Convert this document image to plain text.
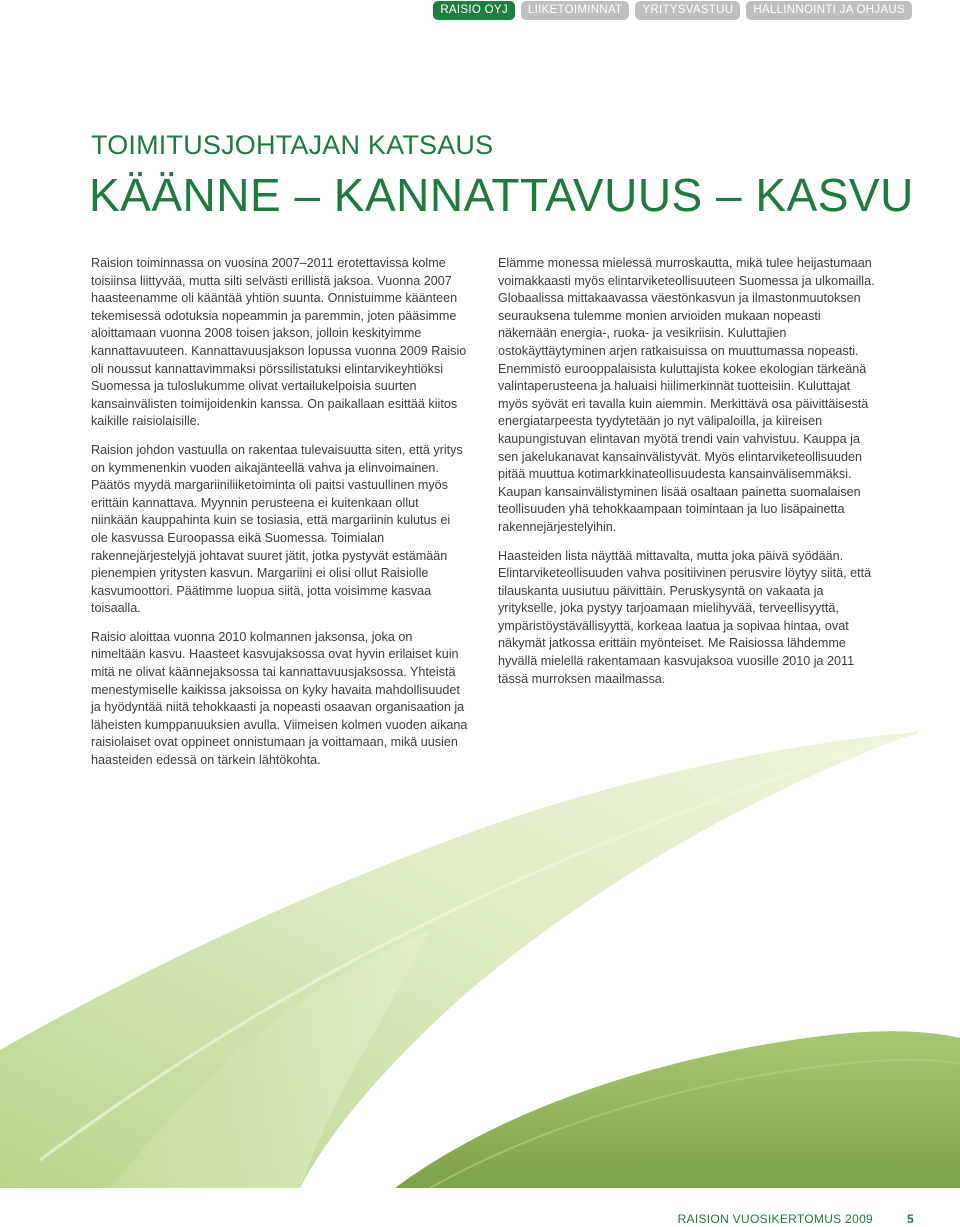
RAISIO OYJ	LIIKETOIMINNAT	YRITYSVASTUU	HALLINNOINTI JA OHJAUS
TOIMITUSJOHTAJAN KATSAUS
KÄÄNNE – KANNATTAVUUS – KASVU

Raision toiminnassa on vuosina 2007–2011 erotettavissa kolme toisiinsa liittyvää, mutta silti selvästi erillistä jaksoa. Vuonna 2007 haasteenamme oli kääntää yhtiön suunta. Onnistuimme käänteen tekemisessä odotuksia nopeammin ja paremmin, joten pääsimme aloittamaan vuonna 2008 toisen jakson, jolloin keskityimme kannattavuuteen. Kannattavuusjakson lopussa vuonna 2009 Raisio oli noussut kannattavimmaksi pörssilistatuksi elintarvikeyhtiöksi Suomessa ja tuloslukumme olivat vertailukelpoisia suurten kansainvälisten toimijoidenkin kanssa. On paikallaan esittää kiitos kaikille raisiolaisille.

Raision johdon vastuulla on rakentaa tulevaisuutta siten, että yritys on kymmenenkin vuoden aikajänteellä vahva ja elinvoimainen. Päätös myydä margariiniliiketoiminta oli paitsi vastuullinen myös erittäin kannattava. Myynnin perusteena ei kuitenkaan ollut niinkään kauppahinta kuin se tosiasia, että margariinin kulutus ei ole kasvussa Euroopassa eikä Suomessa. Toimialan rakennejärjestelyjä johtavat suuret jätit, jotka pystyvät estämään pienempien yritysten kasvun. Margariini ei olisi ollut Raisiolle kasvumoottori. Päätimme luopua siitä, jotta voisimme kasvaa toisaalla.

Raisio aloittaa vuonna 2010 kolmannen jaksonsa, joka on nimeltään kasvu. Haasteet kasvujaksossa ovat hyvin erilaiset kuin mitä ne olivat käännejaksossa tai kannattavuusjaksossa. Yhteistä menestymiselle kaikissa jaksoissa on kyky havaita mahdollisuudet ja hyödyntää niitä tehokkaasti ja nopeasti osaavan organisaation ja läheisten kumppanuuksien avulla. Viimeisen kolmen vuoden aikana raisiolaiset ovat oppineet onnistumaan ja voittamaan, mikä uusien haasteiden edessä on tärkein lähtökohta.

Elämme monessa mielessä murroskautta, mikä tulee heijastumaan voimakkaasti myös elintarviketeollisuuteen Suomessa ja ulkomailla. Globaalissa mittakaavassa väestönkasvun ja ilmastonmuutoksen seurauksena tulemme monien arvioiden mukaan nopeasti näkemään energia-, ruoka- ja vesikriisin. Kuluttajien ostokäyttäytyminen arjen ratkaisuissa on muuttumassa nopeasti. Enemmistö eurooppalaisista kuluttajista kokee ekologian tärkeänä valintaperusteena ja haluaisi hiilimerkinnät tuotteisiin. Kuluttajat myös syövät eri tavalla kuin aiemmin. Merkittävä osa päivittäisestä energiatarpeesta tyydytetään jo nyt välipaloilla, ja kiireisen kaupungistuvan elintavan myötä trendi vain vahvistuu. Kauppa ja sen jakelukanavat kansainvälistyvät. Myös elintarviketeollisuuden pitää muuttua kotimarkkinateollisuudesta kansainvälisemmäksi. Kaupan kansainvälistyminen lisää osaltaan painetta suomalaisen teollisuuden yhä tehokkaampaan toimintaan ja luo lisäpainetta rakennejärjestelyihin.

Haasteiden lista näyttää mittavalta, mutta joka päivä syödään. Elintarviketeollisuuden vahva positiivinen perusvire löytyy siitä, että tilauskanta uusiutuu päivittäin. Peruskysyntä on vakaata ja yritykselle, joka pystyy tarjoamaan mielihyvää, terveellisyyttä, ympäristöystävällisyyttä, korkeaa laatua ja sopivaa hintaa, ovat näkymät jatkossa erittäin myönteiset. Me Raisiossa lähdemme hyvällä mielellä rakentamaan kasvujaksoa vuosille 2010 ja 2011 tässä murroksen maailmassa.

RAISION VUOSIKERTOMUS 2009	5
